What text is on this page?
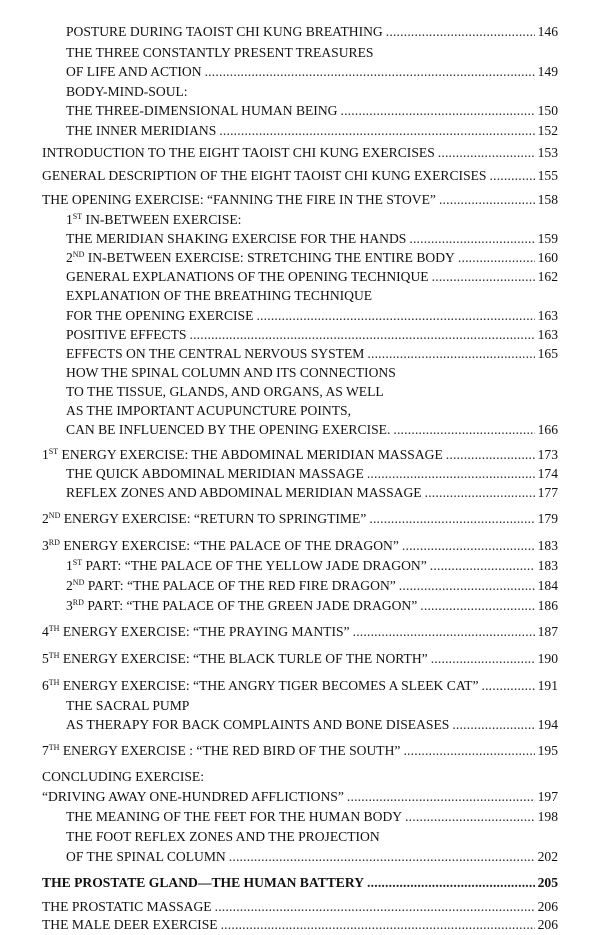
POSTURE DURING TAOIST CHI KUNG BREATHING . . .	146
THE THREE CONSTANTLY PRESENT TREASURES
OF LIFE AND ACTION . . .	149
BODY-MIND-SOUL:
THE THREE-DIMENSIONAL HUMAN BEING . . .	150
THE INNER MERIDIANS . . .	152
INTRODUCTION TO THE EIGHT TAOIST CHI KUNG EXERCISES . . .	153
GENERAL DESCRIPTION OF THE EIGHT TAOIST CHI KUNG EXERCISES . . .	155
THE OPENING EXERCISE: “FANNING THE FIRE IN THE STOVE” . . .	158
1ST IN-BETWEEN EXERCISE:
THE MERIDIAN SHAKING EXERCISE FOR THE HANDS . . .	159
2ND IN-BETWEEN EXERCISE: STRETCHING THE ENTIRE BODY . . .	160
GENERAL EXPLANATIONS OF THE OPENING TECHNIQUE . . .	162
EXPLANATION OF THE BREATHING TECHNIQUE
FOR THE OPENING EXERCISE . . .	163
POSITIVE EFFECTS . . .	163
EFFECTS ON THE CENTRAL NERVOUS SYSTEM . . .	165
HOW THE SPINAL COLUMN AND ITS CONNECTIONS
TO THE TISSUE, GLANDS, AND ORGANS, AS WELL
AS THE IMPORTANT ACUPUNCTURE POINTS,
CAN BE INFLUENCED BY THE OPENING EXERCISE. . . .	166
1ST ENERGY EXERCISE: THE ABDOMINAL MERIDIAN MASSAGE . . .	173
THE QUICK ABDOMINAL MERIDIAN MASSAGE . . .	174
REFLEX ZONES AND ABDOMINAL MERIDIAN MASSAGE . . .	177
2ND ENERGY EXERCISE: “RETURN TO SPRINGTIME” . . .	179
3RD ENERGY EXERCISE: “THE PALACE OF THE DRAGON” . . .	183
1ST PART: “THE PALACE OF THE YELLOW JADE DRAGON” . . .	183
2ND PART: “THE PALACE OF THE RED FIRE DRAGON” . . .	184
3RD PART: “THE PALACE OF THE GREEN JADE DRAGON” . . .	186
4TH ENERGY EXERCISE: “THE PRAYING MANTIS” . . .	187
5TH ENERGY EXERCISE: “THE BLACK TURLE OF THE NORTH” . . .	190
6TH ENERGY EXERCISE: “THE ANGRY TIGER BECOMES A SLEEK CAT” . . .	191
THE SACRAL PUMP
AS THERAPY FOR BACK COMPLAINTS AND BONE DISEASES . . .	194
7TH ENERGY EXERCISE : “THE RED BIRD OF THE SOUTH” . . .	195
CONCLUDING EXERCISE:
“DRIVING AWAY ONE-HUNDRED AFFLICTIONS” . . .	197
THE MEANING OF THE FEET FOR THE HUMAN BODY . . .	198
THE FOOT REFLEX ZONES AND THE PROJECTION
OF THE SPINAL COLUMN . . .	202
THE PROSTATE GLAND—THE HUMAN BATTERY . . .	205
THE PROSTATIC MASSAGE . . .	206
THE MALE DEER EXERCISE . . .	206
